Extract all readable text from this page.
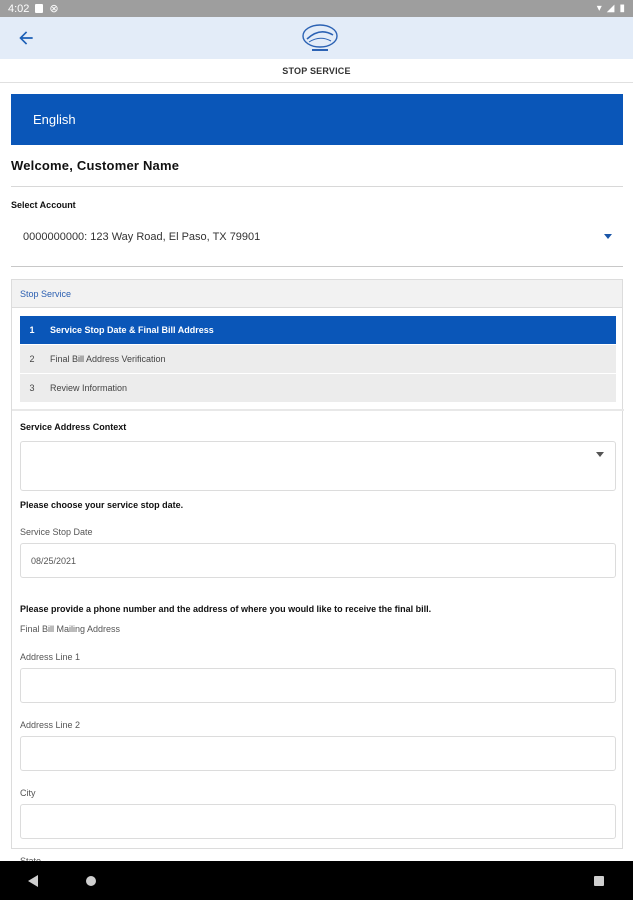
4:02 ⊗	▾ ◢ ▮
STOP SERVICE
English
Welcome, Customer Name
Select Account
0000000000: 123 Way Road, El Paso, TX 79901
Stop Service
1	Service Stop Date & Final Bill Address
2	Final Bill Address Verification
3	Review Information
Service Address Context
Please choose your service stop date.
Service Stop Date
08/25/2021
Please provide a phone number and the address of where you would like to receive the final bill.
Final Bill Mailing Address
Address Line 1
Address Line 2
City
